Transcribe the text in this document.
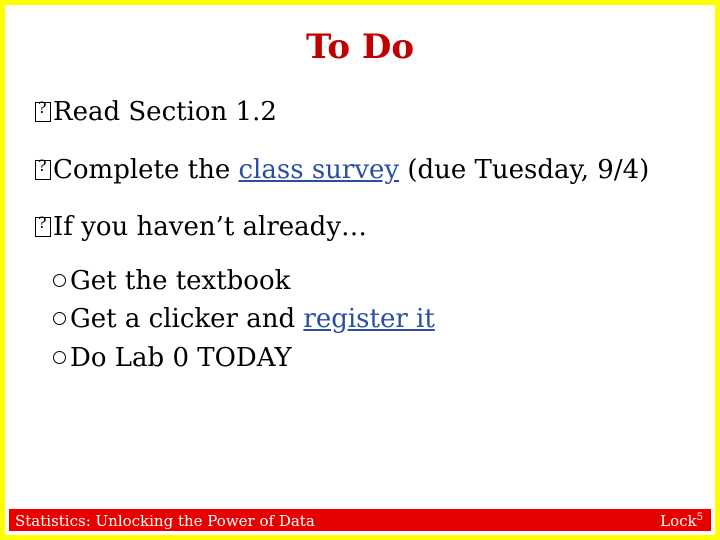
To Do
?Read Section 1.2
?Complete the class survey (due Tuesday, 9/4)
?If you haven’t already…
Get the textbook
Get a clicker and register it
Do Lab 0 TODAY
Statistics: Unlocking the Power of Data	Lock$^5$
